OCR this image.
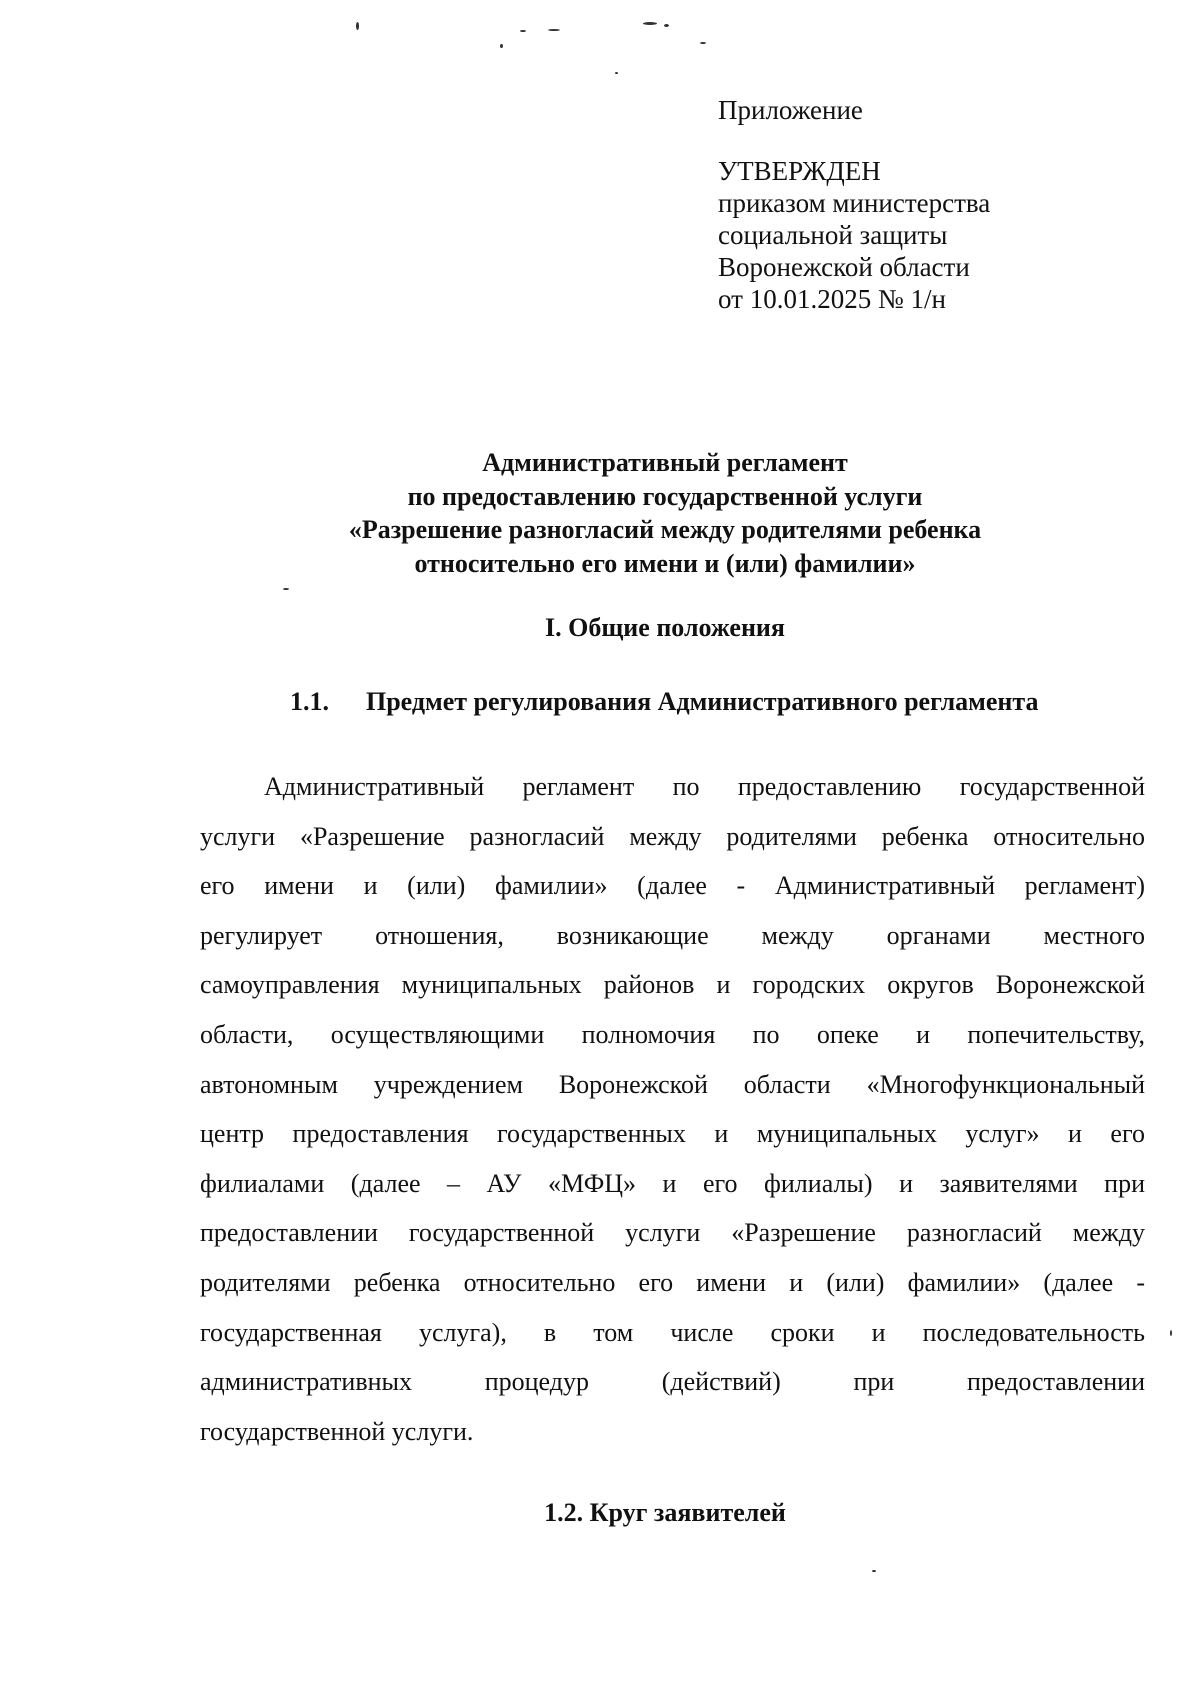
Приложение

УТВЕРЖДЕН

приказом министерства

социальной защиты

Воронежской области

от 10.01.2025 № 1/н

Административный регламент
по предоставлению государственной услуги
«Разрешение разногласий между родителями ребенка
относительно его имени и (или) фамилии»
I. Общие положения
1.1. Предмет регулирования Административного регламента
Административный регламент по предоставлению государственной
услуги «Разрешение разногласий между родителями ребенка относительно
его имени и (или) фамилии» (далее - Административный регламент)
регулирует отношения, возникающие между органами местного
самоуправления муниципальных районов и городских округов Воронежской
области, осуществляющими полномочия по опеке и попечительству,
автономным учреждением Воронежской области «Многофункциональный
центр предоставления государственных и муниципальных услуг» и его
филиалами (далее – АУ «МФЦ» и его филиалы) и заявителями при
предоставлении государственной услуги «Разрешение разногласий между
родителями ребенка относительно его имени и (или) фамилии» (далее -
государственная услуга), в том числе сроки и последовательность
административных процедур (действий) при предоставлении
государственной услуги.
1.2. Круг заявителей
